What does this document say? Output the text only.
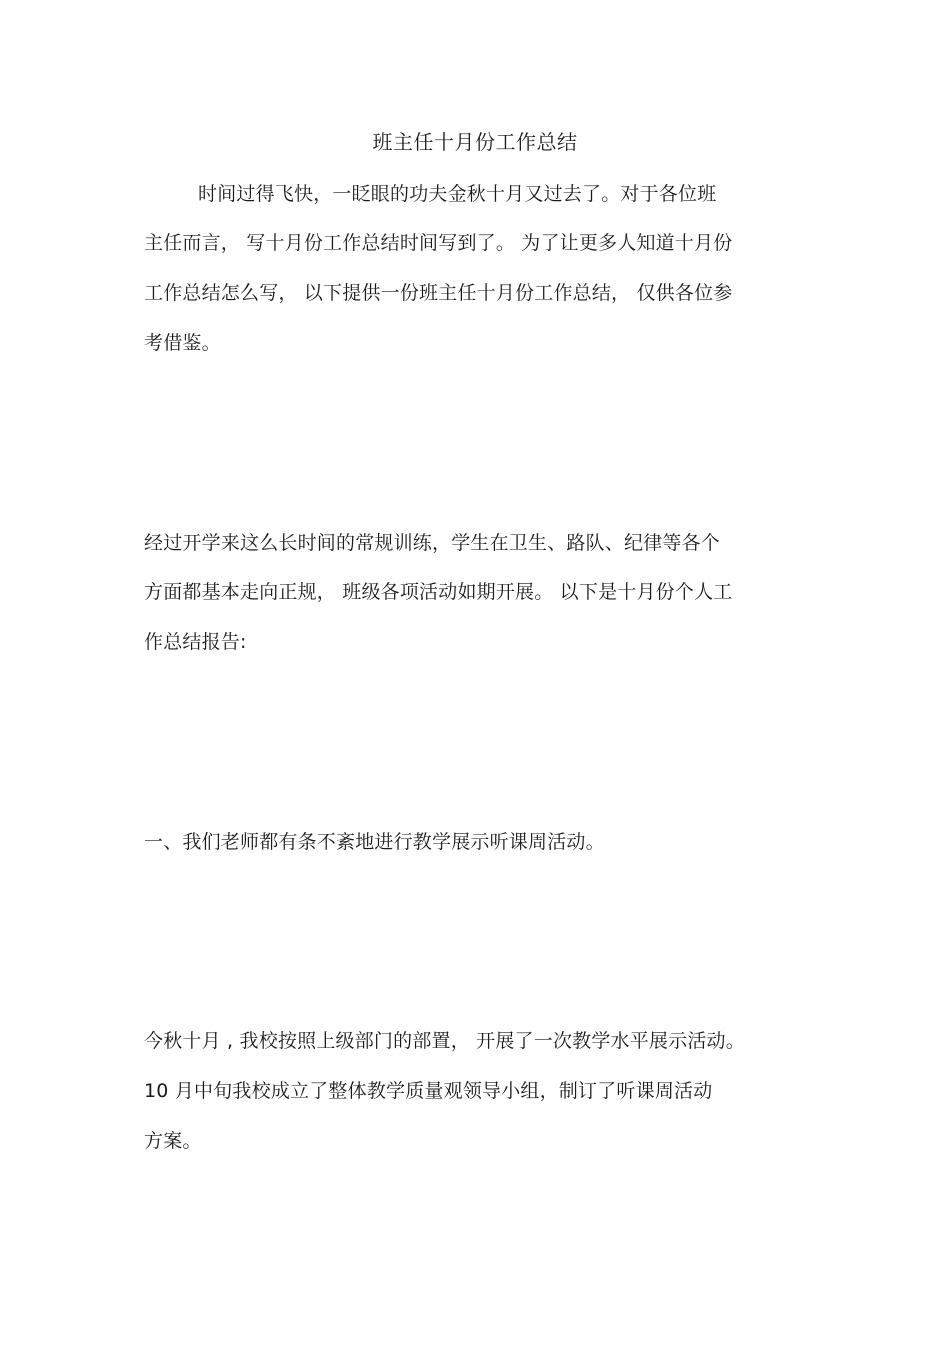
班主任十月份工作总结
时间过得飞快，一眨眼的功夫金秋十月又过去了。对于各位班
主任而言， 写十月份工作总结时间写到了。 为了让更多人知道十月份
工作总结怎么写， 以下提供一份班主任十月份工作总结， 仅供各位参
考借鉴。
经过开学来这么长时间的常规训练，学生在卫生、路队、纪律等各个
方面都基本走向正规， 班级各项活动如期开展。 以下是十月份个人工
作总结报告:
一、我们老师都有条不紊地进行教学展示听课周活动。
今秋十月 , 我校按照上级部门的部置， 开展了一次教学水平展示活动。
10 月中旬我校成立了整体教学质量观领导小组，制订了听课周活动
方案。
